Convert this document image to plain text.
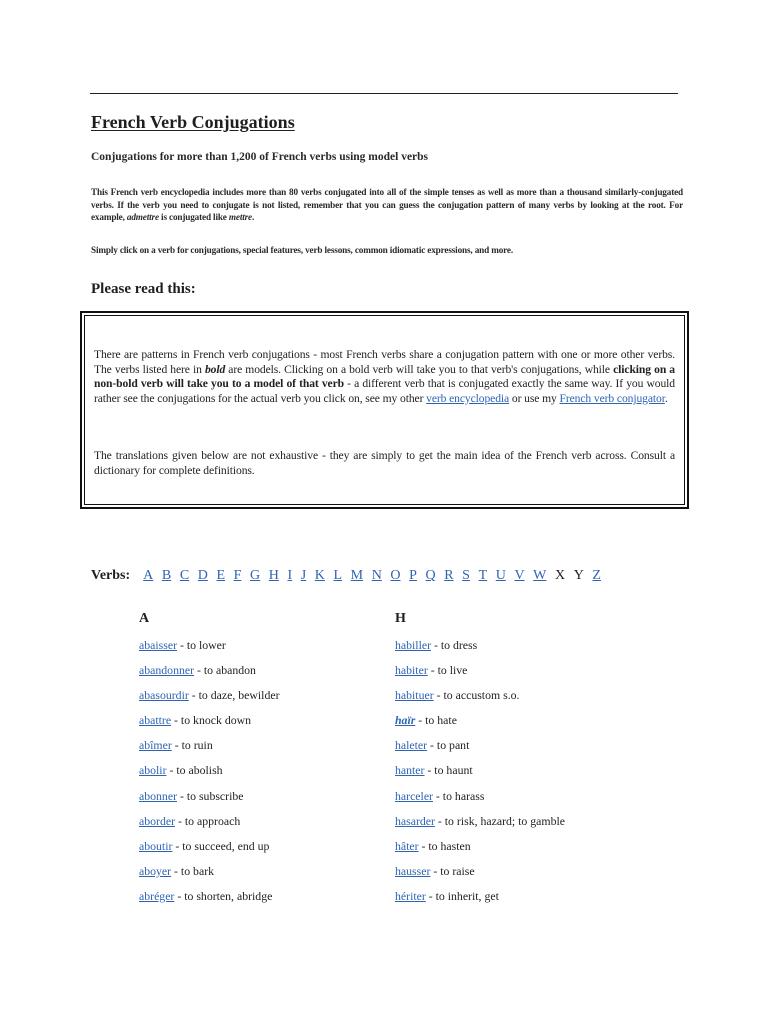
French Verb Conjugations
Conjugations for more than 1,200 of French verbs using model verbs
This French verb encyclopedia includes more than 80 verbs conjugated into all of the simple tenses as well as more than a thousand similarly-conjugated verbs. If the verb you need to conjugate is not listed, remember that you can guess the conjugation pattern of many verbs by looking at the root. For example, admettre is conjugated like mettre.
Simply click on a verb for conjugations, special features, verb lessons, common idiomatic expressions, and more.
Please read this:
There are patterns in French verb conjugations - most French verbs share a conjugation pattern with one or more other verbs. The verbs listed here in bold are models. Clicking on a bold verb will take you to that verb's conjugations, while clicking on a non-bold verb will take you to a model of that verb - a different verb that is conjugated exactly the same way. If you would rather see the conjugations for the actual verb you click on, see my other verb encyclopedia or use my French verb conjugator.
The translations given below are not exhaustive - they are simply to get the main idea of the French verb across. Consult a dictionary for complete definitions.
Verbs: A B C D E F G H I J K L M N O P Q R S T U V W X Y Z
A
abaisser - to lower
abandonner - to abandon
abasourdir - to daze, bewilder
abattre - to knock down
abîmer - to ruin
abolir - to abolish
abonner - to subscribe
aborder - to approach
aboutir - to succeed, end up
aboyer - to bark
abréger - to shorten, abridge
H
habiller - to dress
habiter - to live
habituer - to accustom s.o.
haïr - to hate
haleter - to pant
hanter - to haunt
harceler - to harass
hasarder - to risk, hazard; to gamble
hâter - to hasten
hausser - to raise
hériter - to inherit, get
